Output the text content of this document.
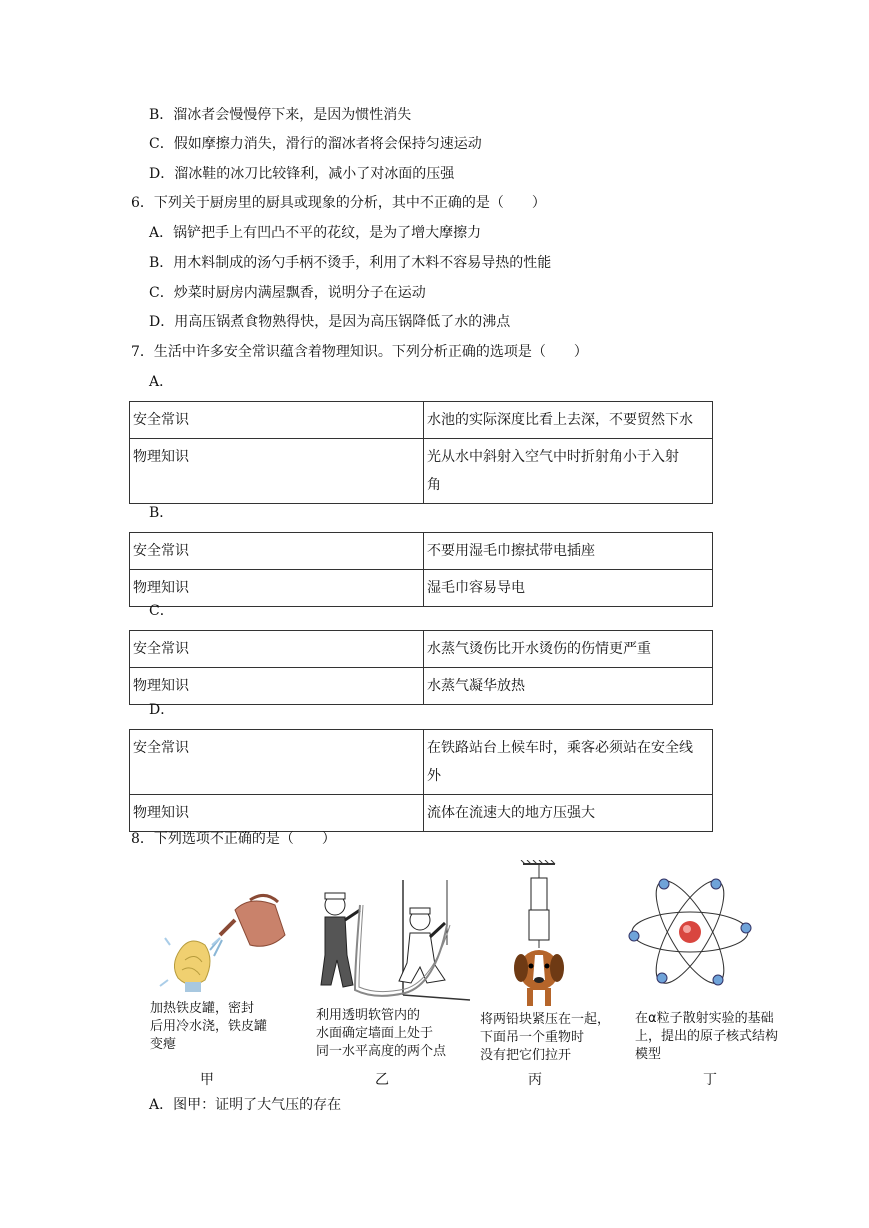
B．溜冰者会慢慢停下来，是因为惯性消失
C．假如摩擦力消失，滑行的溜冰者将会保持匀速运动
D．溜冰鞋的冰刀比较锋利，减小了对冰面的压强
6．下列关于厨房里的厨具或现象的分析，其中不正确的是（　　）
A．锅铲把手上有凹凸不平的花纹，是为了增大摩擦力
B．用木料制成的汤勺手柄不烫手，利用了木料不容易导热的性能
C．炒菜时厨房内满屋飘香，说明分子在运动
D．用高压锅煮食物熟得快，是因为高压锅降低了水的沸点
7．生活中许多安全常识蕴含着物理知识。下列分析正确的选项是（　　）
A．
安全常识	水池的实际深度比看上去深，不要贸然下水
物理知识	光从水中斜射入空气中时折射角小于入射
角
B．
安全常识	不要用湿毛巾擦拭带电插座
物理知识	湿毛巾容易导电
C．
安全常识	水蒸气烫伤比开水烫伤的伤情更严重
物理知识	水蒸气凝华放热
D．
安全常识	在铁路站台上候车时，乘客必须站在安全线
外
物理知识	流体在流速大的地方压强大
8．下列选项不正确的是（　　）
加热铁皮罐，密封
后用冷水浇，铁皮罐
变瘪
甲
利用透明软管内的
水面确定墙面上处于
同一水平高度的两个点
乙
将两铅块紧压在一起，
下面吊一个重物时
没有把它们拉开
丙
在α粒子散射实验的基础
上，提出的原子核式结构
模型
丁
A．图甲：证明了大气压的存在
